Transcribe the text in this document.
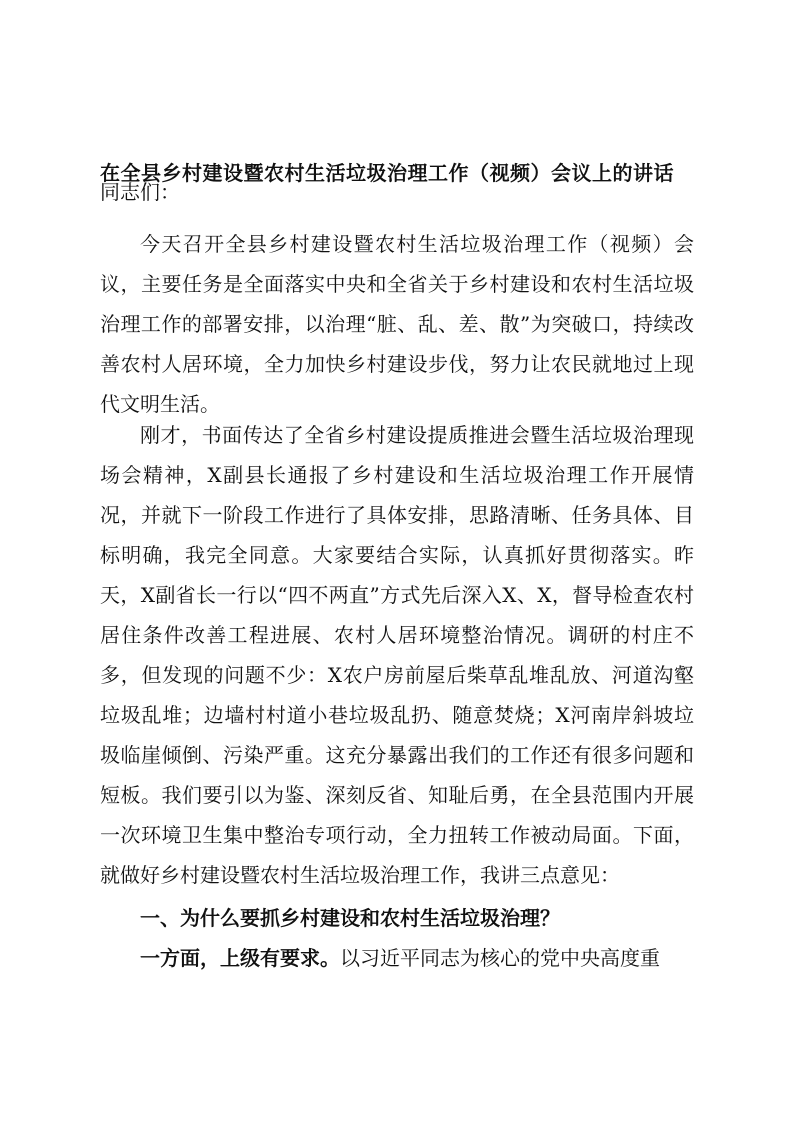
在全县乡村建设暨农村生活垃圾治理工作（视频）会议上的讲话
同志们：
今天召开全县乡村建设暨农村生活垃圾治理工作（视频）会议，主要任务是全面落实中央和全省关于乡村建设和农村生活垃圾治理工作的部署安排，以治理“脏、乱、差、散”为突破口，持续改善农村人居环境，全力加快乡村建设步伐，努力让农民就地过上现代文明生活。
刚才，书面传达了全省乡村建设提质推进会暨生活垃圾治理现场会精神，X副县长通报了乡村建设和生活垃圾治理工作开展情况，并就下一阶段工作进行了具体安排，思路清晰、任务具体、目标明确，我完全同意。大家要结合实际，认真抓好贯彻落实。昨天，X副省长一行以“四不两直”方式先后深入X、X，督导检查农村居住条件改善工程进展、农村人居环境整治情况。调研的村庄不多，但发现的问题不少：X农户房前屋后柴草乱堆乱放、河道沟壑垃圾乱堆；边墙村村道小巷垃圾乱扔、随意焚烧；X河南岸斜坡垃圾临崖倾倒、污染严重。这充分暴露出我们的工作还有很多问题和短板。我们要引以为鉴、深刻反省、知耻后勇，在全县范围内开展一次环境卫生集中整治专项行动，全力扭转工作被动局面。下面，就做好乡村建设暨农村生活垃圾治理工作，我讲三点意见：
一、为什么要抓乡村建设和农村生活垃圾治理？
一方面，上级有要求。以习近平同志为核心的党中央高度重
